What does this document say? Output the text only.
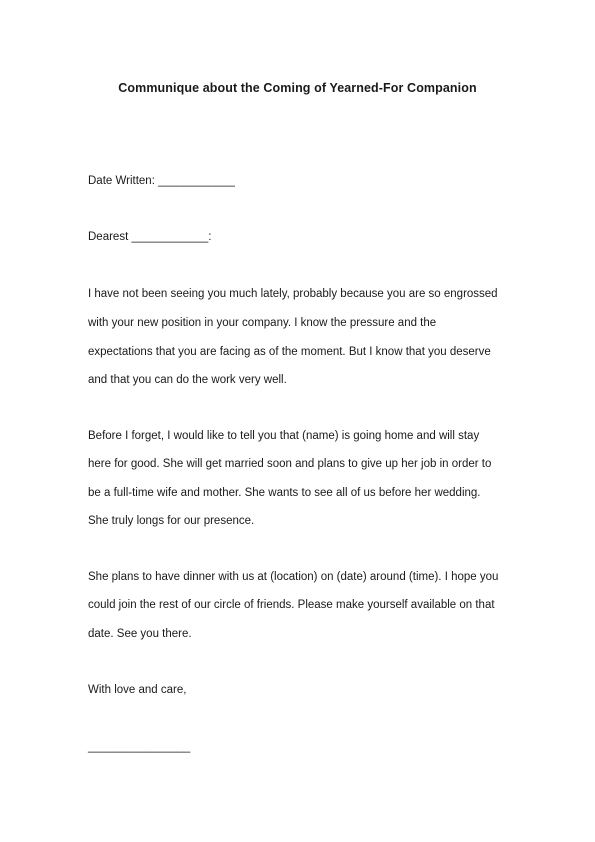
Communique about the Coming of Yearned-For Companion
Date Written: ____________
Dearest ____________:
I have not been seeing you much lately, probably because you are so engrossed
with your new position in your company. I know the pressure and the
expectations that you are facing as of the moment. But I know that you deserve
and that you can do the work very well.
Before I forget, I would like to tell you that (name) is going home and will stay
here for good. She will get married soon and plans to give up her job in order to
be a full-time wife and mother. She wants to see all of us before her wedding.
She truly longs for our presence.
She plans to have dinner with us at (location) on (date) around (time). I hope you
could join the rest of our circle of friends. Please make yourself available on that
date. See you there.
With love and care,
________________
